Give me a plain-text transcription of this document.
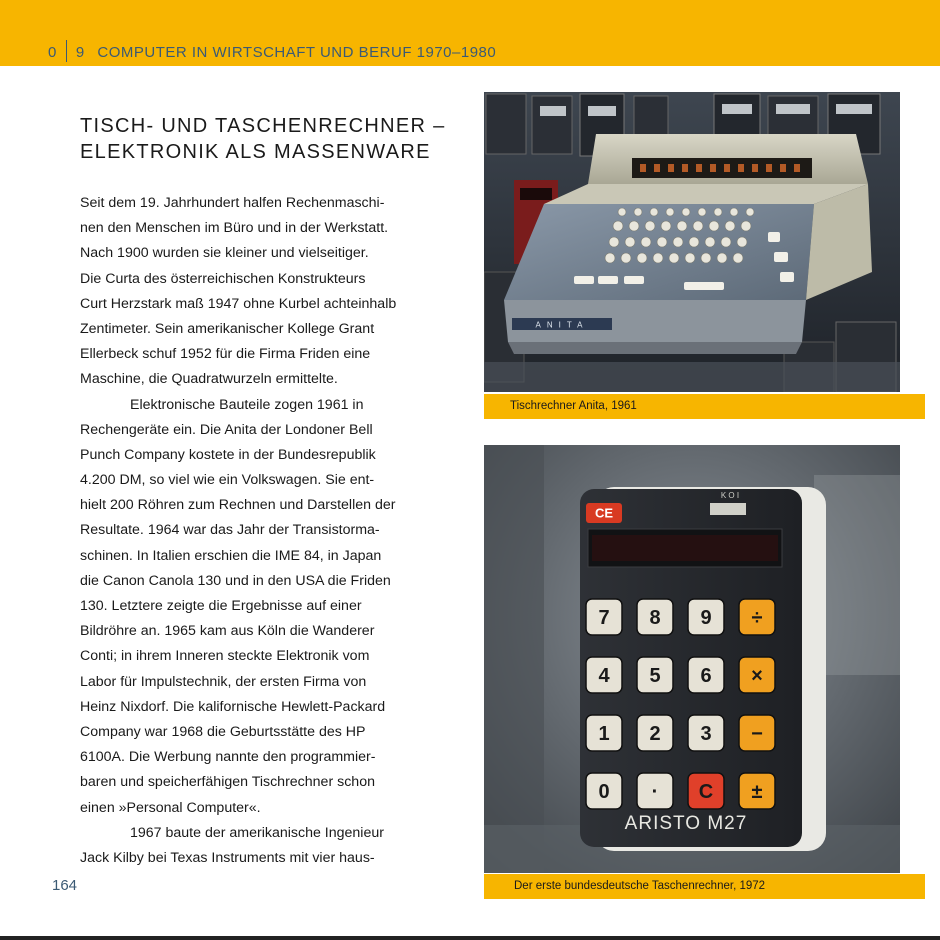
0 9 COMPUTER IN WIRTSCHAFT UND BERUF 1970–1980
TISCH- UND TASCHENRECHNER –
ELEKTRONIK ALS MASSENWARE
Seit dem 19. Jahrhundert halfen Rechenmaschi-
nen den Menschen im Büro und in der Werkstatt.
Nach 1900 wurden sie kleiner und vielseitiger.
Die Curta des österreichischen Konstrukteurs
Curt Herzstark maß 1947 ohne Kurbel achteinhalb
Zentimeter. Sein amerikanischer Kollege Grant
Ellerbeck schuf 1952 für die Firma Friden eine
Maschine, die Quadratwurzeln ermittelte.
Elektronische Bauteile zogen 1961 in
Rechengeräte ein. Die Anita der Londoner Bell
Punch Company kostete in der Bundesrepublik
4.200 DM, so viel wie ein Volkswagen. Sie ent-
hielt 200 Röhren zum Rechnen und Darstellen der
Resultate. 1964 war das Jahr der Transistorma-
schinen. In Italien erschien die IME 84, in Japan
die Canon Canola 130 und in den USA die Friden
130. Letztere zeigte die Ergebnisse auf einer
Bildröhre an. 1965 kam aus Köln die Wanderer
Conti; in ihrem Inneren steckte Elektronik vom
Labor für Impulstechnik, der ersten Firma von
Heinz Nixdorf. Die kalifornische Hewlett-Packard
Company war 1968 die Geburtsstätte des HP
6100A. Die Werbung nannte den programmier-
baren und speicherfähigen Tischrechner schon
einen »Personal Computer«.
1967 baute der amerikanische Ingenieur
Jack Kilby bei Texas Instruments mit vier haus-
164
ANITA
Tischrechner Anita, 1961
CE
K O I
7 8 9 ÷
4 5 6 ×
1 2 3 −
0 · C ±
ARISTO M27
Der erste bundesdeutsche Taschenrechner, 1972
